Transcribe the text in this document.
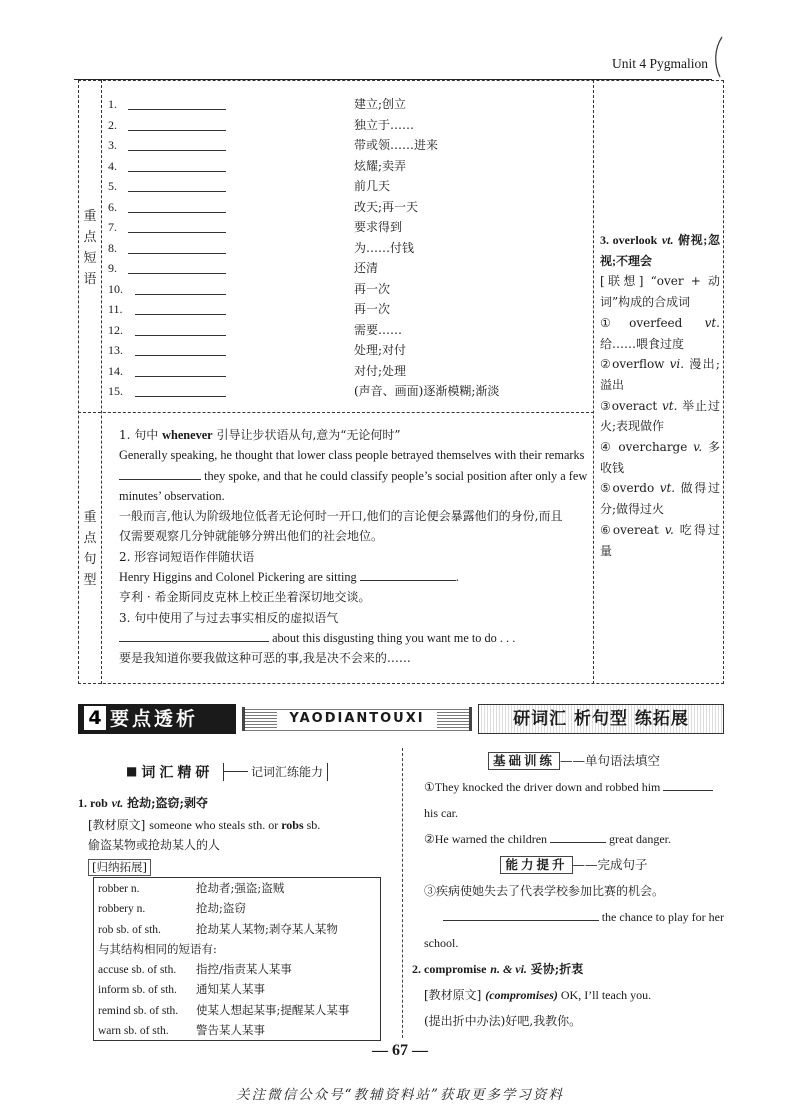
Unit 4 Pygmalion
重
点
短
语
1.	建立;创立
2.	独立于……
3.	带或领……进来
4.	炫耀;卖弄
5.	前几天
6.	改天;再一天
7.	要求得到
8.	为……付钱
9.	还清
10.	再一次
11.	再一次
12.	需要……
13.	处理;对付
14.	对付;处理
15.	(声音、画面)逐渐模糊;渐淡
重
点
句
型
1. 句中 whenever 引导让步状语从句,意为“无论何时”
Generally speaking, he thought that lower class people betrayed themselves with their remarks
they spoke, and that he could classify people’s social position after only a few
minutes’ observation.
一般而言,他认为阶级地位低者无论何时一开口,他们的言论便会暴露他们的身份,而且
仅需要观察几分钟就能够分辨出他们的社会地位。
2. 形容词短语作伴随状语
Henry Higgins and Colonel Pickering are sitting	.
亨利 · 希金斯同皮克林上校正坐着深切地交谈。
3. 句中使用了与过去事实相反的虚拟语气
about this disgusting thing you want me to do . . .
要是我知道你要我做这种可恶的事,我是决不会来的……
3. overlook vt. 俯视;忽视;不理会
[联想] “over + 动词”构成的合成词
①overfeed vt. 给……喂食过度
②overflow vi. 漫出;溢出
③overact vt. 举止过火;表现做作
④ overcharge v. 多收钱
⑤overdo vt. 做得过分;做得过火
⑥overeat v. 吃得过量
4 要点透析	YAODIANTOUXI	研词汇 析句型 练拓展
■词汇精研	记词汇练能力
1. rob vt. 抢劫;盗窃;剥夺
[教材原文] someone who steals sth. or robs sb.
偷盗某物或抢劫某人的人
[归纳拓展]
robber n.	抢劫者;强盗;盗贼
robbery n.	抢劫;盗窃
rob sb. of sth.	抢劫某人某物;剥夺某人某物
与其结构相同的短语有:
accuse sb. of sth. 指控/指责某人某事
inform sb. of sth. 通知某人某事
remind sb. of sth. 使某人想起某事;提醒某人某事
warn sb. of sth. 警告某人某事
基础训练 ——单句语法填空
①They knocked the driver down and robbed him
his car.
②He warned the children	great danger.
能力提升 ——完成句子
③疾病使她失去了代表学校参加比赛的机会。
the chance to play for her
school.
2. compromise n. & vi. 妥协;折衷
[教材原文] (compromises) OK, I’ll teach you.
(提出折中办法)好吧,我教你。
— 67 —
关注微信公众号“教辅资料站”获取更多学习资料
